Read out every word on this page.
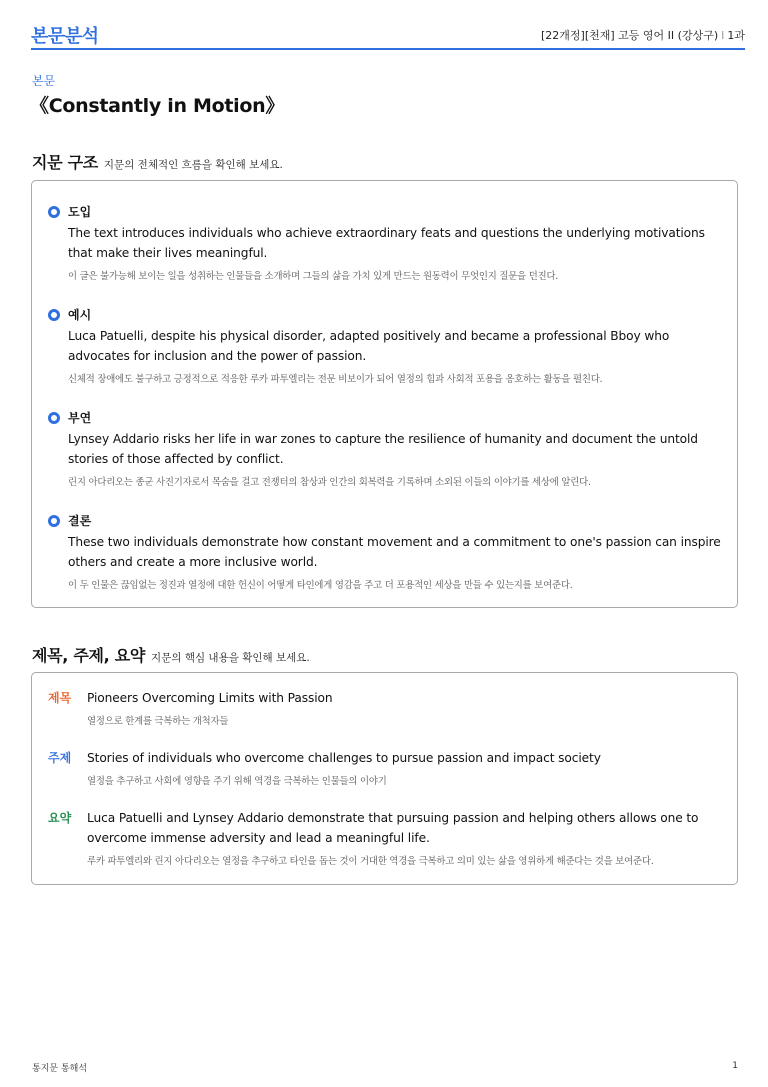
본문분석	[22개정][천재] 고등 영어 II (강상구) I 1과
본문
《Constantly in Motion》
지문 구조 지문의 전체적인 흐름을 확인해 보세요.
도입
The text introduces individuals who achieve extraordinary feats and questions the underlying motivations that make their lives meaningful.
이 글은 불가능해 보이는 일을 성취하는 인물들을 소개하며 그들의 삶을 가치 있게 만드는 원동력이 무엇인지 질문을 던진다.
예시
Luca Patuelli, despite his physical disorder, adapted positively and became a professional Bboy who advocates for inclusion and the power of passion.
신체적 장애에도 불구하고 긍정적으로 적응한 루카 파투엘리는 전문 비보이가 되어 열정의 힘과 사회적 포용을 옹호하는 활동을 펼친다.
부연
Lynsey Addario risks her life in war zones to capture the resilience of humanity and document the untold stories of those affected by conflict.
린지 아다리오는 종군 사진기자로서 목숨을 걸고 전쟁터의 참상과 인간의 회복력을 기록하며 소외된 이들의 이야기를 세상에 알린다.
결론
These two individuals demonstrate how constant movement and a commitment to one's passion can inspire others and create a more inclusive world.
이 두 인물은 끊임없는 정진과 열정에 대한 헌신이 어떻게 타인에게 영감을 주고 더 포용적인 세상을 만들 수 있는지를 보여준다.
제목, 주제, 요약 지문의 핵심 내용을 확인해 보세요.
제목 Pioneers Overcoming Limits with Passion
열정으로 한계를 극복하는 개척자들
주제 Stories of individuals who overcome challenges to pursue passion and impact society
열정을 추구하고 사회에 영향을 주기 위해 역경을 극복하는 인물들의 이야기
요약 Luca Patuelli and Lynsey Addario demonstrate that pursuing passion and helping others allows one to overcome immense adversity and lead a meaningful life.
루카 파투엘리와 린지 아다리오는 열정을 추구하고 타인을 돕는 것이 거대한 역경을 극복하고 의미 있는 삶을 영위하게 해준다는 것을 보여준다.
통지문 통해석	1
